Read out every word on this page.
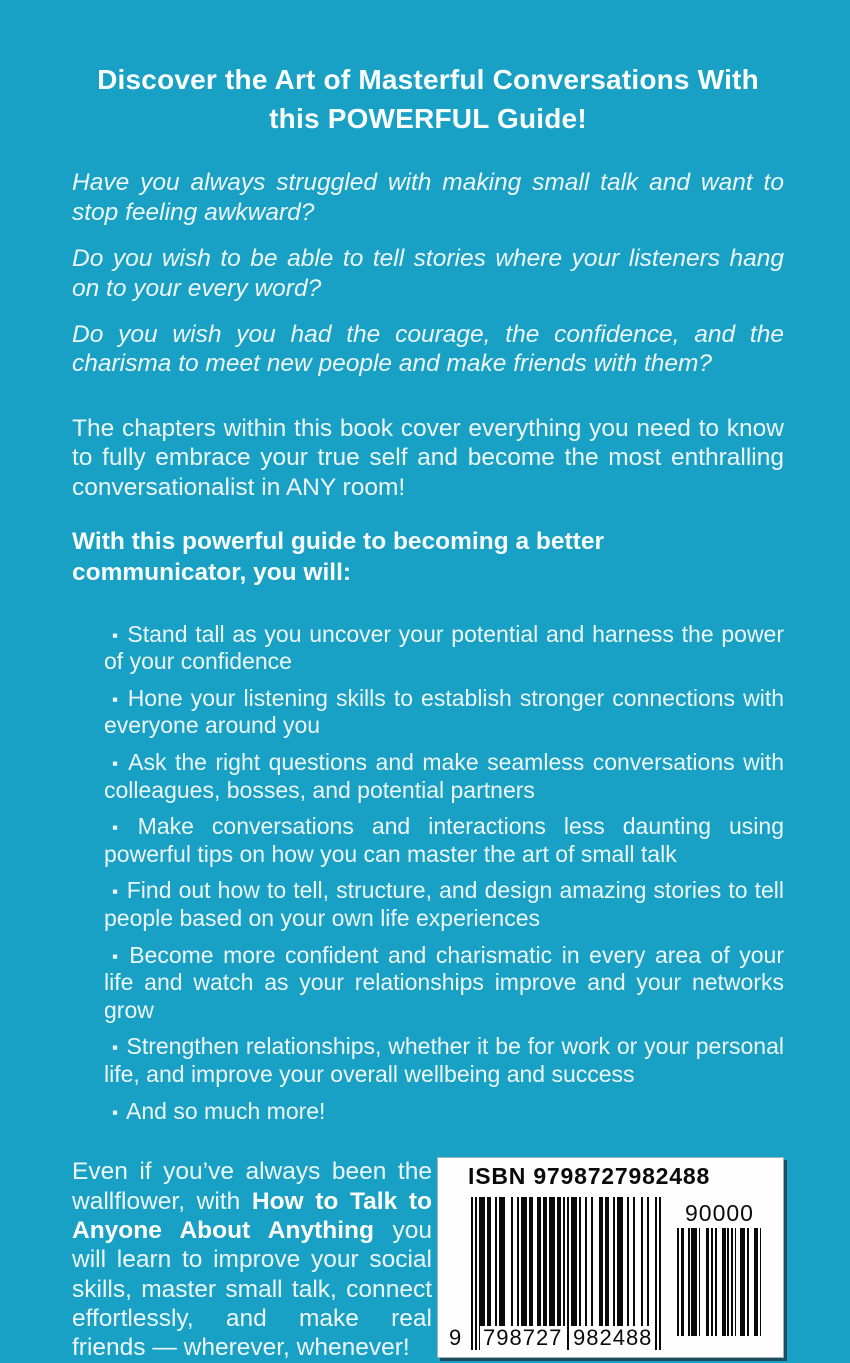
Discover the Art of Masterful Conversations With this POWERFUL Guide!

Have you always struggled with making small talk and want to stop feeling awkward?

Do you wish to be able to tell stories where your listeners hang on to your every word?

Do you wish you had the courage, the confidence, and the charisma to meet new people and make friends with them?

The chapters within this book cover everything you need to know to fully embrace your true self and become the most enthralling conversationalist in ANY room!

With this powerful guide to becoming a better communicator, you will:

▪ Stand tall as you uncover your potential and harness the power of your confidence

▪ Hone your listening skills to establish stronger connections with everyone around you

▪ Ask the right questions and make seamless conversations with colleagues, bosses, and potential partners

▪ Make conversations and interactions less daunting using powerful tips on how you can master the art of small talk

▪ Find out how to tell, structure, and design amazing stories to tell people based on your own life experiences

▪ Become more confident and charismatic in every area of your life and watch as your relationships improve and your networks grow

▪ Strengthen relationships, whether it be for work or your personal life, and improve your overall wellbeing and success

▪ And so much more!

Even if you’ve always been the wallflower, with How to Talk to Anyone About Anything you will learn to improve your social skills, master small talk, connect effortlessly, and make real friends — wherever, whenever!

ISBN 9798727982488
9 798727 982488

90000
